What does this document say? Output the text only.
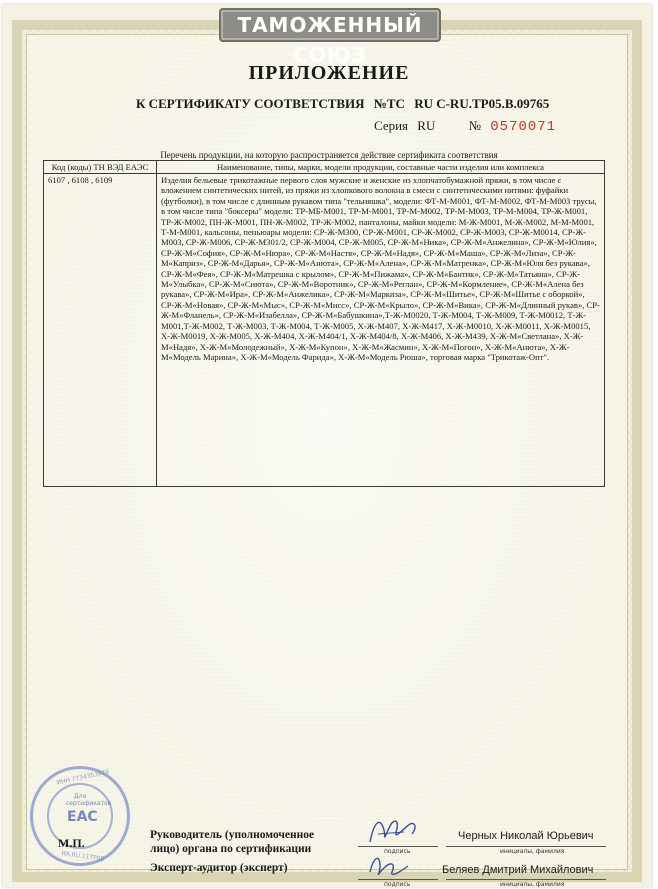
ТАМОЖЕННЫЙ СОЮЗ
ПРИЛОЖЕНИЕ
К СЕРТИФИКАТУ СООТВЕТСТВИЯ №ТС RU C-RU.ТР05.В.09765
Серия RU	№ 0570071
Перечень продукции, на которую распространяется действие сертификата соответствия
Код (коды) ТН ВЭД ЕАЭС	Наименование, типы, марки, модели продукции, составные части изделия или комплекса
6107 , 6108 , 6109	Изделия бельевые трикотажные первого слоя мужские и женские из хлопчатобумажной пряжи, в том числе с вложением синтетических нитей, из пряжи из хлопкового волокна в смеси с синтетическими нитями: фуфайки (футболки), в том числе с длинным рукавом типа "тельняшка", модели: ФТ-М-М001, ФТ-М-М002, ФТ-М-М003 трусы, в том числе типа "боксеры" модели: ТР-МБ-М001, ТР-М-М001, ТР-М-М002, ТР-М-М003, ТР-М-М004, ТР-Ж-М001, ТР-Ж-М002, ПН-Ж-М001, ПН-Ж-М002, ТР-Ж-М002, панталоны, майки модели: М-Ж-М001, М-Ж-М002, М-М-М001, Т-М-М001, кальсоны, пеньюары модели: СР-Ж-М300, СР-Ж-М001, СР-Ж-М002, СР-Ж-М003, СР-Ж-М0014, СР-Ж-М003, СР-Ж-М006, СР-Ж-М301/2, СР-Ж-М004, СР-Ж-М005, СР-Ж-М«Ника», СР-Ж-М«Анжелина», СР-Ж-М«Юлия», СР-Ж-М«София», СР-Ж-М«Нюра», СР-Ж-М«Настя», СР-Ж-М«Надя», СР-Ж-М«Маша», СР-Ж-М«Лиза», СР-Ж-М«Каприз», СР-Ж-М«Дарья», СР-Ж-М«Анюта», СР-Ж-М«Алена», СР-Ж-М«Матренка», СР-Ж-М«Юля без рукава», СР-Ж-М«Фея», СР-Ж-М«Матрешка с крылом», СР-Ж-М«Пижама», СР-Ж-М«Бантик», СР-Ж-М«Татьяна», СР-Ж-М«Улыбка», СР-Ж-М«Сиюта», СР-Ж-М«Воротник», СР-Ж-М«Реглан», СР-Ж-М«Кормление», СР-Ж-М«Алена без рукава», СР-Ж-М«Ира», СР-Ж-М«Анжелика», СР-Ж-М«Маркиза», СР-Ж-М«Шитье», СР-Ж-М«Шитье с оборкой», СР-Ж-М«Новая», СР-Ж-М«Мыс», СР-Ж-М«Мисс», СР-Ж-М«Крыло», СР-Ж-М«Вика», СР-Ж-М«Длинный рукав», СР-Ж-М«Фланель», СР-Ж-М«Изабелла», СР-Ж-М«Бабушкина»,Т-Ж-М0020, Т-Ж-М004, Т-Ж-М009, Т-Ж-М0012, Т-Ж-М001,Т-Ж-М002, Т-Ж-М003, Т-Ж-М004, Т-Ж-М005, Х-Ж-М407, Х-Ж-М417, Х-Ж-М0010, Х-Ж-М0011, Х-Ж-М0015, Х-Ж-М0019, Х-Ж-М005, Х-Ж-М404, Х-Ж-М404/1, Х-Ж-М404/8, Х-Ж-М406, Х-Ж-М439, Х-Ж-М«Светлана», Х-Ж-М«Надя», Х-Ж-М«Молодежный», Х-Ж-М«Купон», Х-Ж-М«Жасмин», Х-Ж-М«Погон», Х-Ж-М«Анюта», Х-Ж-М«Модель Марина», Х-Ж-М«Модель Фарида», Х-Ж-М«Модель Рюша», торговая марка "Трикотаж-Опт".
ИНН 7734353678
Для сертификатов
ЕАС
RA.RU.11ТР05
М.П.
Руководитель (уполномоченное
лицо) органа по сертификации
Эксперт-аудитор (эксперт)
подпись
Черных Николай Юрьевич
инициалы, фамилия
подпись
Беляев Дмитрий Михайлович
инициалы, фамилия
